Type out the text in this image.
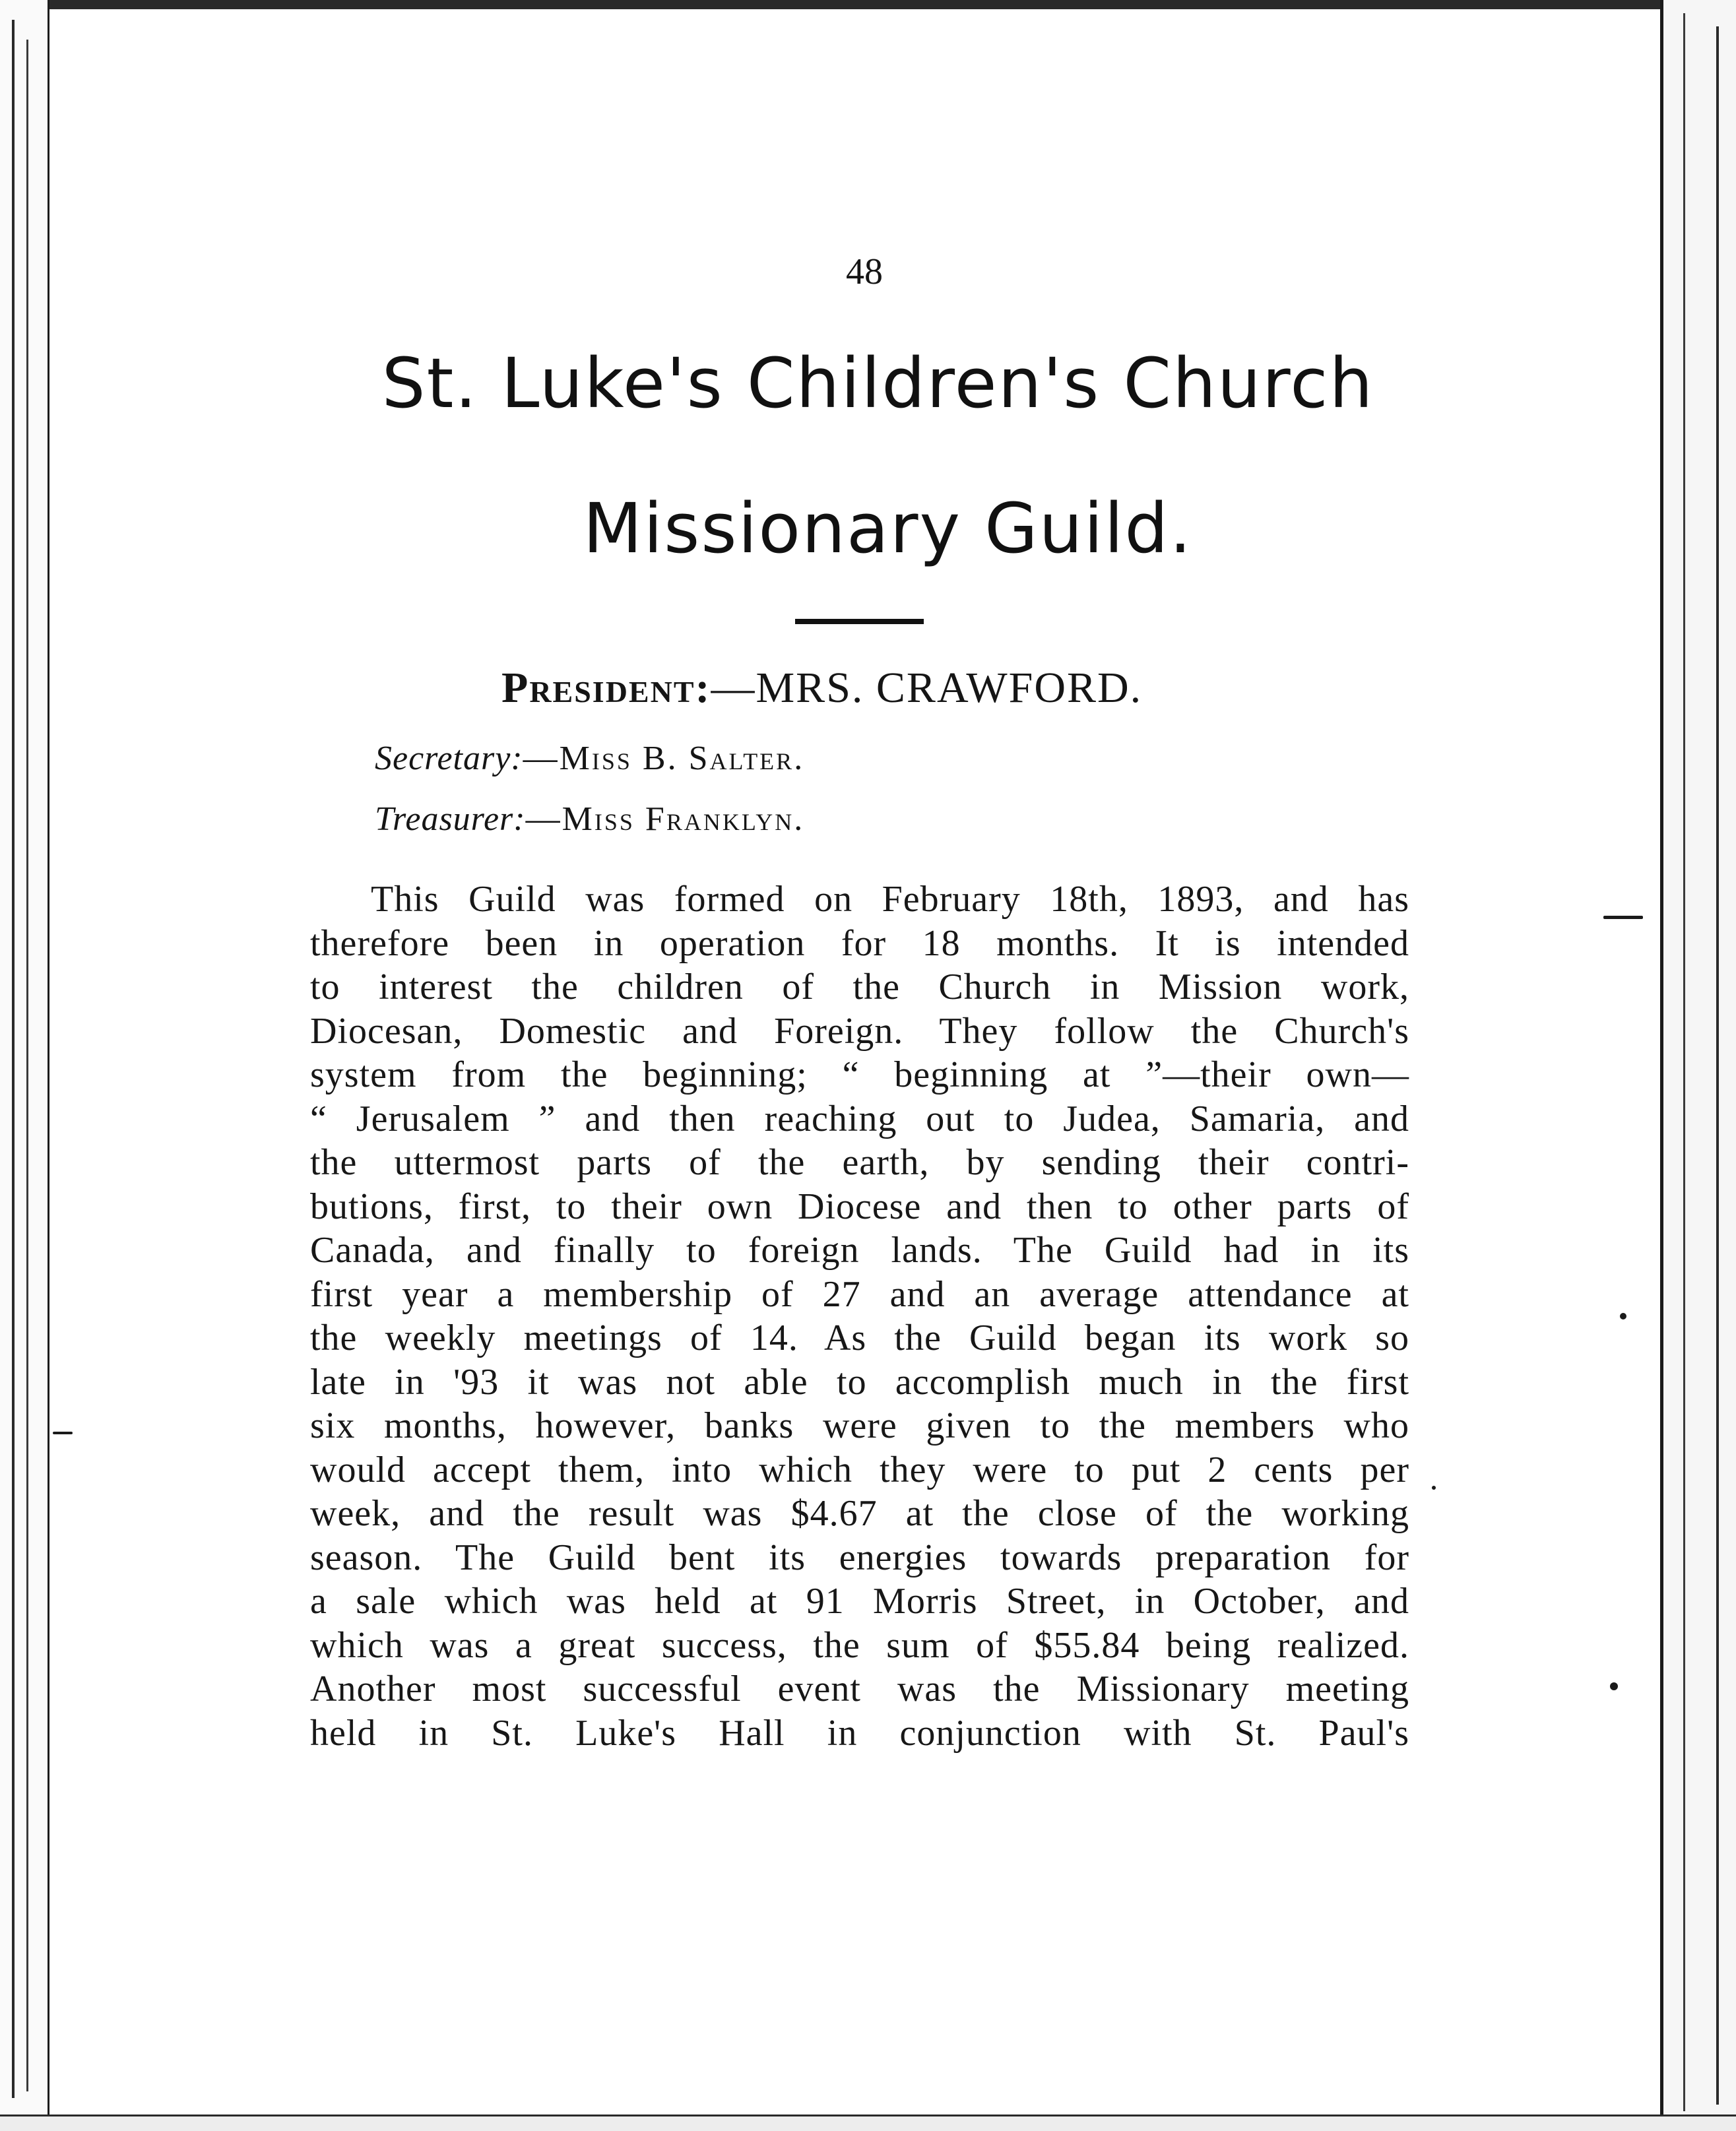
48
St. Luke's Children's Church
Missionary Guild.
President:—MRS. CRAWFORD.
Secretary:—Miss B. Salter.
Treasurer:—Miss Franklyn.
This Guild was formed on February 18th, 1893, and has
therefore been in operation for 18 months. It is intended
to interest the children of the Church in Mission work,
Diocesan, Domestic and Foreign. They follow the Church's
system from the beginning; “ beginning at ”—their own—
“ Jerusalem ” and then reaching out to Judea, Samaria, and
the uttermost parts of the earth, by sending their contri-
butions, first, to their own Diocese and then to other parts of
Canada, and finally to foreign lands. The Guild had in its
first year a membership of 27 and an average attendance at
the weekly meetings of 14. As the Guild began its work so
late in '93 it was not able to accomplish much in the first
six months, however, banks were given to the members who
would accept them, into which they were to put 2 cents per
week, and the result was $4.67 at the close of the working
season. The Guild bent its energies towards preparation for
a sale which was held at 91 Morris Street, in October, and
which was a great success, the sum of $55.84 being realized.
Another most successful event was the Missionary meeting
held in St. Luke's Hall in conjunction with St. Paul's
